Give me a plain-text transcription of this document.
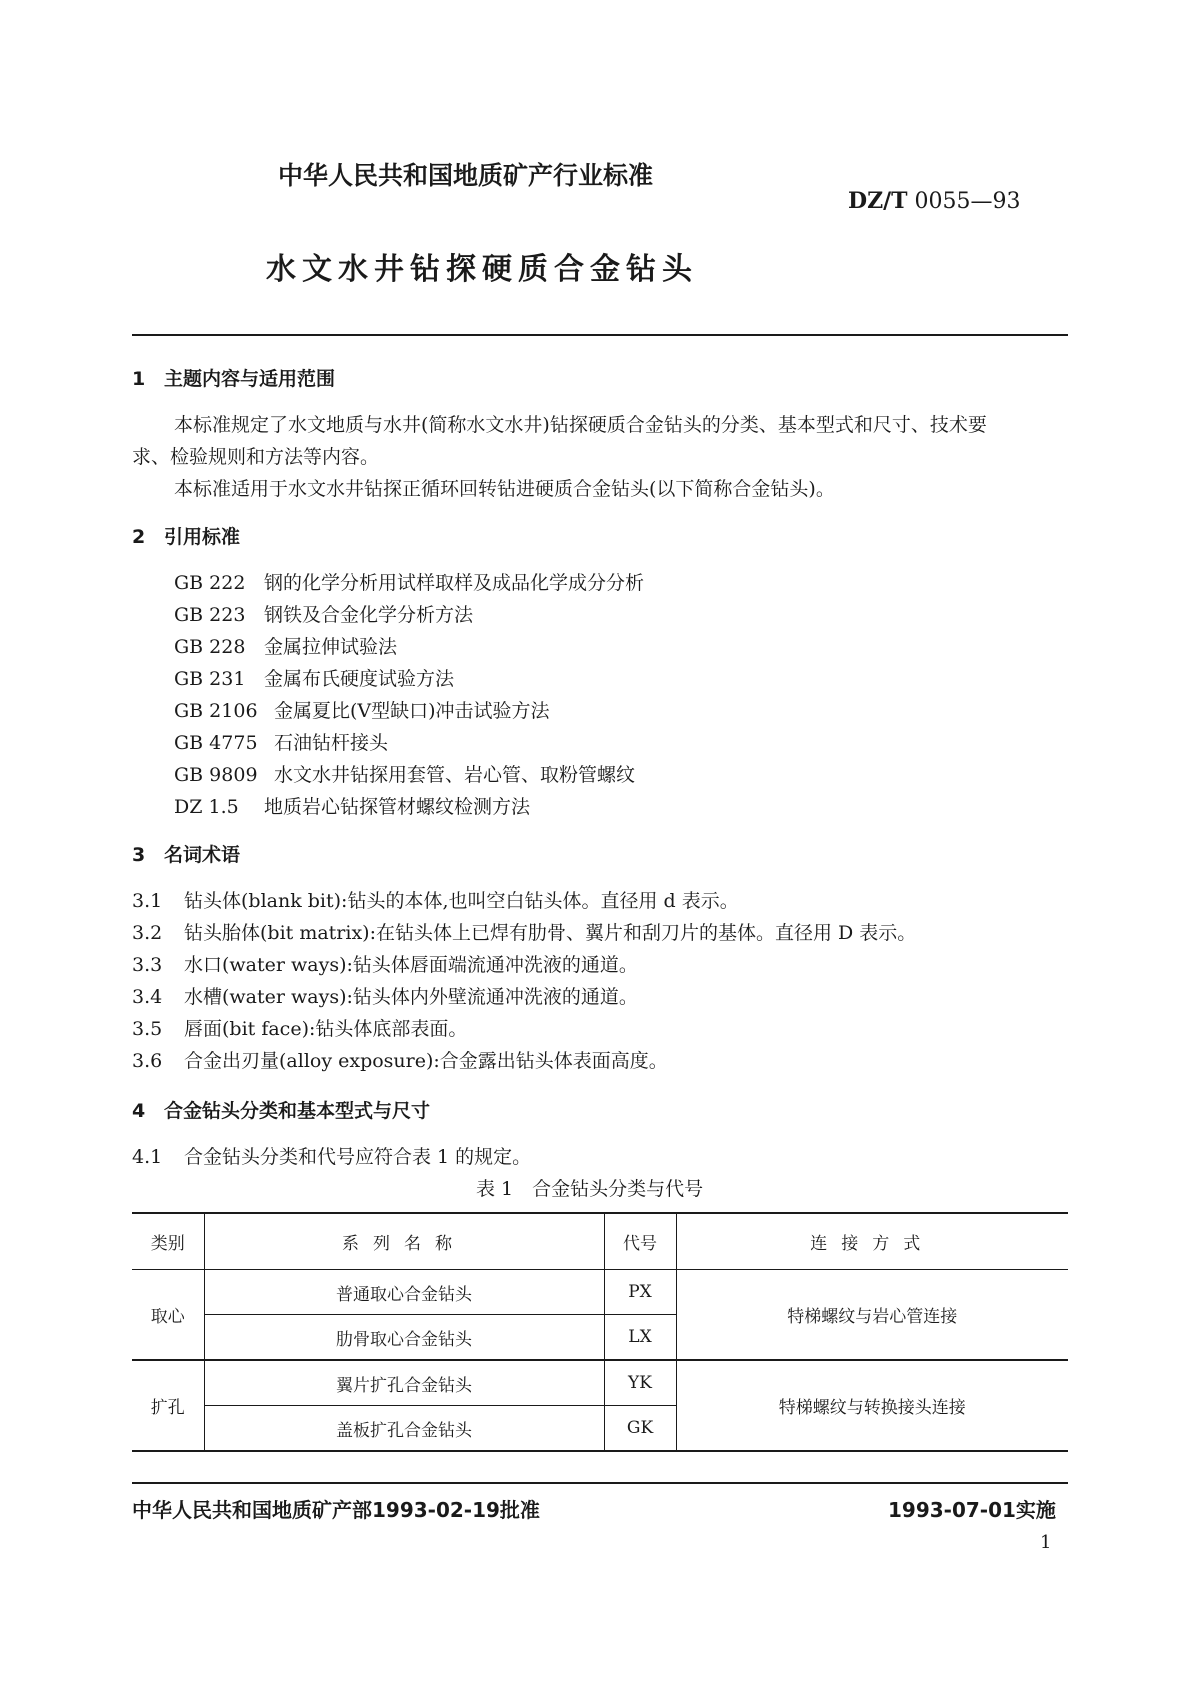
中华人民共和国地质矿产行业标准
DZ/T 0055—93
水文水井钻探硬质合金钻头
1 主题内容与适用范围
本标准规定了水文地质与水井(简称水文水井)钻探硬质合金钻头的分类、基本型式和尺寸、技术要
求、检验规则和方法等内容。
本标准适用于水文水井钻探正循环回转钻进硬质合金钻头(以下简称合金钻头)。
2 引用标准
GB 222 钢的化学分析用试样取样及成品化学成分分析
GB 223 钢铁及合金化学分析方法
GB 228 金属拉伸试验法
GB 231 金属布氏硬度试验方法
GB 2106 金属夏比(V型缺口)冲击试验方法
GB 4775 石油钻杆接头
GB 9809 水文水井钻探用套管、岩心管、取粉管螺纹
DZ 1.5 地质岩心钻探管材螺纹检测方法
3 名词术语
3.1 钻头体(blank bit):钻头的本体,也叫空白钻头体。直径用 d 表示。
3.2 钻头胎体(bit matrix):在钻头体上已焊有肋骨、翼片和刮刀片的基体。直径用 D 表示。
3.3 水口(water ways):钻头体唇面端流通冲洗液的通道。
3.4 水槽(water ways):钻头体内外壁流通冲洗液的通道。
3.5 唇面(bit face):钻头体底部表面。
3.6 合金出刃量(alloy exposure):合金露出钻头体表面高度。
4 合金钻头分类和基本型式与尺寸
4.1 合金钻头分类和代号应符合表 1 的规定。
表 1　合金钻头分类与代号
类别	系列名称	代号	连接方式
取心	普通取心合金钻头	PX	特梯螺纹与岩心管连接
	肋骨取心合金钻头	LX	
扩孔	翼片扩孔合金钻头	YK	特梯螺纹与转换接头连接
	盖板扩孔合金钻头	GK	
中华人民共和国地质矿产部1993-02-19批准	1993-07-01实施
1
